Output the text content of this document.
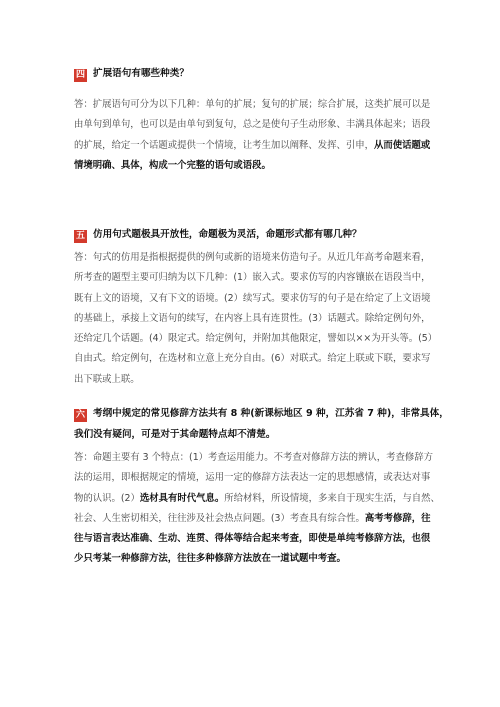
四 扩展语句有哪些种类？
答：扩展语句可分为以下几种：单句的扩展；复句的扩展；综合扩展，这类扩展可以是
由单句到单句，也可以是由单句到复句，总之是使句子生动形象、丰满具体起来；语段
的扩展，给定一个话题或提供一个情境，让考生加以阐释、发挥、引申，从而使话题或
情境明确、具体，构成一个完整的语句或语段。
五 仿用句式题极具开放性，命题极为灵活，命题形式都有哪几种？
答：句式的仿用是指根据提供的例句或新的语境来仿造句子。从近几年高考命题来看，
所考查的题型主要可归纳为以下几种：(1）嵌入式。要求仿写的内容镶嵌在语段当中，
既有上文的语境，又有下文的语境。(2）续写式。要求仿写的句子是在给定了上文语境
的基础上，承接上文语句的续写，在内容上具有连贯性。(3）话题式。除给定例句外，
还给定几个话题。(4）限定式。给定例句，并附加其他限定，譬如以××为开头等。(5）
自由式。给定例句，在选材和立意上充分自由。(6）对联式。给定上联或下联，要求写
出下联或上联。
六 考纲中规定的常见修辞方法共有 8 种(新课标地区 9 种，江苏省 7 种)，非常具体，
我们没有疑问，可是对于其命题特点却不清楚。
答：命题主要有 3 个特点：(1）考查运用能力。不考查对修辞方法的辨认，考查修辞方
法的运用，即根据规定的情境，运用一定的修辞方法表达一定的思想感情，或表达对事
物的认识。(2）选材具有时代气息。所给材料，所设情境，多来自于现实生活，与自然、
社会、人生密切相关，往往涉及社会热点问题。(3）考查具有综合性。高考考修辞，往
往与语言表达准确、生动、连贯、得体等结合起来考查，即使是单纯考修辞方法，也很
少只考某一种修辞方法，往往多种修辞方法放在一道试题中考查。
